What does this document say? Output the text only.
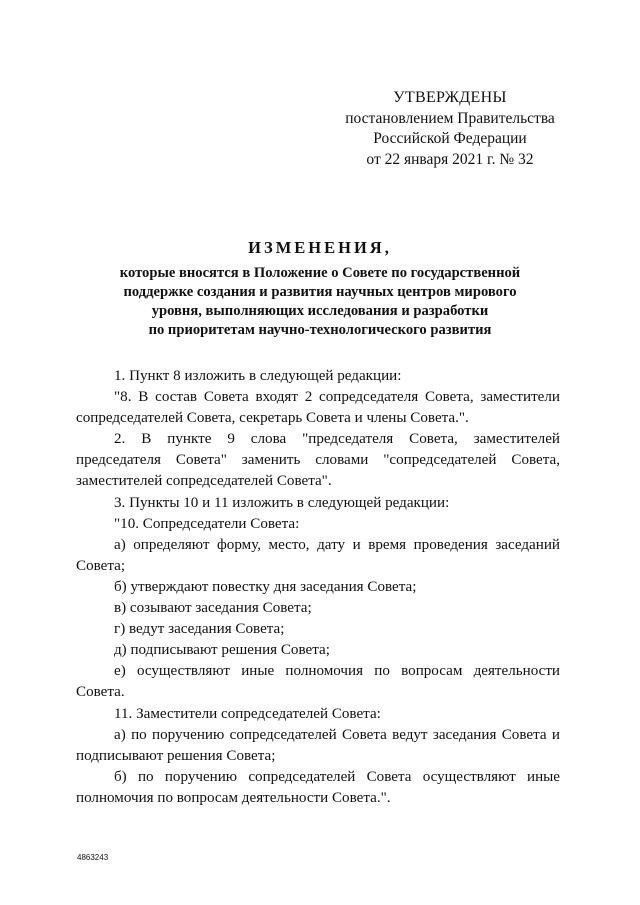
УТВЕРЖДЕНЫ
постановлением Правительства
Российской Федерации
от 22 января 2021 г. № 32
ИЗМЕНЕНИЯ,
которые вносятся в Положение о Совете по государственной
поддержке создания и развития научных центров мирового
уровня, выполняющих исследования и разработки
по приоритетам научно-технологического развития

1. Пункт 8 изложить в следующей редакции:

"8. В состав Совета входят 2 сопредседателя Совета, заместители сопредседателей Совета, секретарь Совета и члены Совета.".

2. В пункте 9 слова "председателя Совета, заместителей председателя Совета" заменить словами "сопредседателей Совета, заместителей сопредседателей Совета".

3. Пункты 10 и 11 изложить в следующей редакции:

"10. Сопредседатели Совета:

а) определяют форму, место, дату и время проведения заседаний Совета;

б) утверждают повестку дня заседания Совета;

в) созывают заседания Совета;

г) ведут заседания Совета;

д) подписывают решения Совета;

е) осуществляют иные полномочия по вопросам деятельности Совета.

11. Заместители сопредседателей Совета:

а) по поручению сопредседателей Совета ведут заседания Совета и подписывают решения Совета;

б) по поручению сопредседателей Совета осуществляют иные полномочия по вопросам деятельности Совета.".

4863243
